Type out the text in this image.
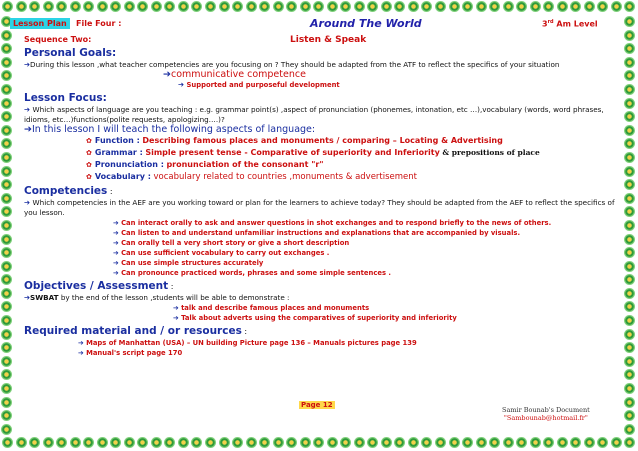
Lesson Plan	File Four :	Around The World	3rd Am Level
Sequence Two:	Listen & Speak
Personal Goals:
➔During this lesson ,what teacher competencies are you focusing on ? They should be adapted from the ATF to reflect the specifics of your situation
➔communicative competence
➔ Supported and purposeful development
Lesson Focus:
➔ Which aspects of language are you teaching : e.g. grammar point(s) ,aspect of pronunciation (phonemes, intonation, etc …),vocabulary (words, word phrases, idioms, etc…)functions(polite requests, apologizing….)?
➔In this lesson I will teach the following aspects of language:
✿ Function : Describing famous places and monuments / comparing – Locating & Advertising
✿ Grammar : Simple present tense - Comparative of superiority and Inferiority & prepositions of place
✿ Pronunciation : pronunciation of the consonant "r"
✿ Vocabulary : vocabulary related to countries ,monuments & advertisement
Competencies :
➔ Which competencies in the AEF are you working toward or plan for the learners to achieve today? They should be adapted from the AEF to reflect the specifics of you lesson.
➔ Can interact orally to ask and answer questions in shot exchanges and to respond briefly to the news of others.
➔ Can listen to and understand unfamiliar instructions and explanations that are accompanied by visuals.
➔ Can orally tell a very short story or give a short description
➔ Can use sufficient vocabulary to carry out exchanges .
➔ Can use simple structures accurately
➔ Can pronounce practiced words, phrases and some simple sentences .
Objectives / Assessment :
➔SWBAT by the end of the lesson ,students will be able to demonstrate :
➔ talk and describe famous places and monuments
➔ Talk about adverts using the comparatives of superiority and inferiority
Required material and / or resources :
➔ Maps of Manhattan (USA) – UN building Picture page 136 – Manuals pictures page 139
➔ Manual's script page 170
Page 12
Samir Bounab's Document
"Sambounab@hotmail.fr"
